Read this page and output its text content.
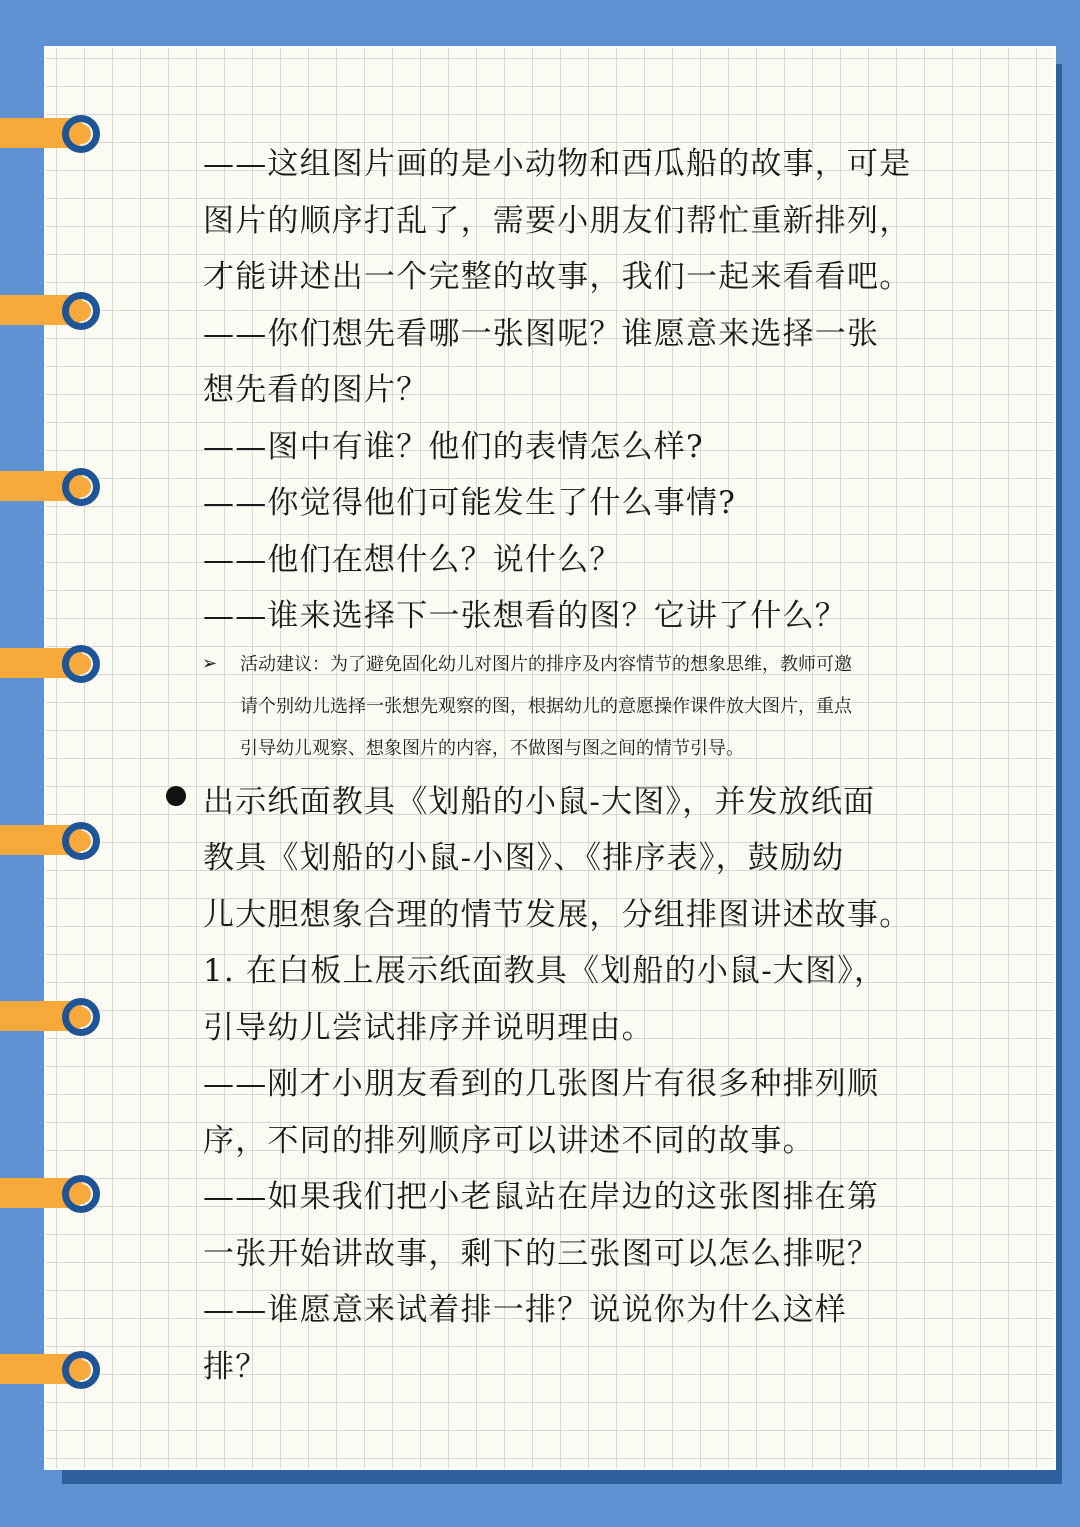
——这组图片画的是小动物和西瓜船的故事，可是
图片的顺序打乱了，需要小朋友们帮忙重新排列，
才能讲述出一个完整的故事，我们一起来看看吧。
——你们想先看哪一张图呢？谁愿意来选择一张
想先看的图片？
——图中有谁？他们的表情怎么样?
——你觉得他们可能发生了什么事情?
——他们在想什么？说什么？
——谁来选择下一张想看的图？它讲了什么？
➢ 活动建议：为了避免固化幼儿对图片的排序及内容情节的想象思维，教师可邀
请个别幼儿选择一张想先观察的图，根据幼儿的意愿操作课件放大图片，重点
引导幼儿观察、想象图片的内容，不做图与图之间的情节引导。
出示纸面教具《划船的小鼠-大图》，并发放纸面
教具《划船的小鼠-小图》、《排序表》，鼓励幼
儿大胆想象合理的情节发展，分组排图讲述故事。
1. 在白板上展示纸面教具《划船的小鼠-大图》，
引导幼儿尝试排序并说明理由。
——刚才小朋友看到的几张图片有很多种排列顺
序，不同的排列顺序可以讲述不同的故事。
——如果我们把小老鼠站在岸边的这张图排在第
一张开始讲故事，剩下的三张图可以怎么排呢？
——谁愿意来试着排一排？说说你为什么这样
排？
